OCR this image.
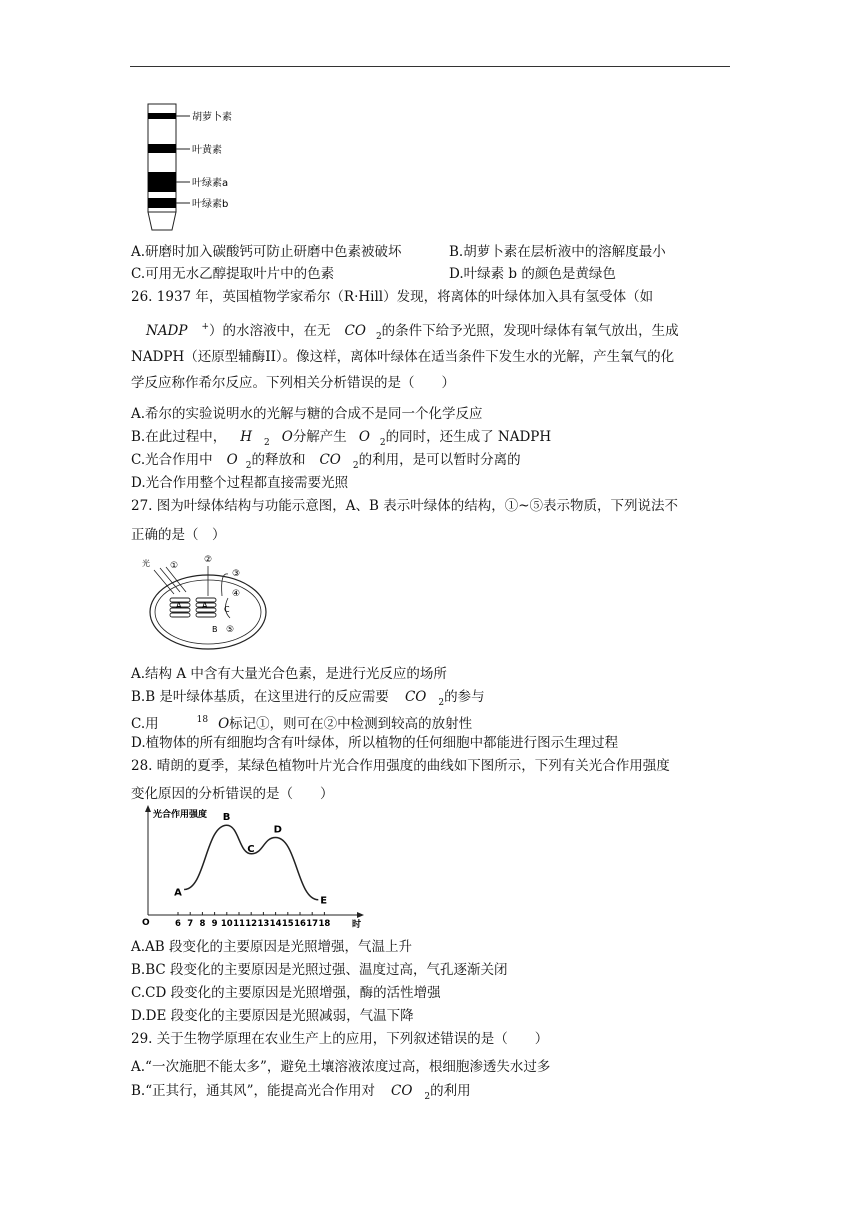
胡萝卜素
叶黄素
叶绿素a
叶绿素b
A.研磨时加入碳酸钙可防止研磨中色素被破坏	B.胡萝卜素在层析液中的溶解度最小
C.可用无水乙醇提取叶片中的色素	D.叶绿素 b 的颜色是黄绿色
26. 1937 年，英国植物学家希尔（R·Hill）发现，将离体的叶绿体加入具有氢受体（如
NADP +）的水溶液中，在无 CO $_2$的条件下给予光照，发现叶绿体有氧气放出，生成
NADPH（还原型辅酶II）。像这样，离体叶绿体在适当条件下发生水的光解，产生氧气的化
学反应称作希尔反应。下列相关分析错误的是（　　）
A.希尔的实验说明水的光解与糖的合成不是同一个化学反应
B.在此过程中， H $_2$ O分解产生 O $_2$的同时，还生成了 NADPH
C.光合作用中 O $_2$的释放和 CO $_2$的利用，是可以暂时分离的
D.光合作用整个过程都直接需要光照
27. 图为叶绿体结构与功能示意图，A、B 表示叶绿体的结构，①~⑤表示物质，下列说法不
正确的是（　）
A	A
光 ①
②
③
④
C
B ⑤
A.结构 A 中含有大量光合色素，是进行光反应的场所
B.B 是叶绿体基质，在这里进行的反应需要 CO $_2$的参与
C.用	$^{18}$ O标记①，则可在②中检测到较高的放射性
D.植物体的所有细胞均含有叶绿体，所以植物的任何细胞中都能进行图示生理过程
28. 晴朗的夏季，某绿色植物叶片光合作用强度的曲线如下图所示，下列有关光合作用强度
变化原因的分析错误的是（　　）
光合作用强度
时
O	6 7 8 9 10 11 12 13 14 15 16 17 18
A
B
C
D
E
A.AB 段变化的主要原因是光照增强，气温上升
B.BC 段变化的主要原因是光照过强、温度过高，气孔逐渐关闭
C.CD 段变化的主要原因是光照增强，酶的活性增强
D.DE 段变化的主要原因是光照减弱，气温下降
29. 关于生物学原理在农业生产上的应用，下列叙述错误的是（　　）
A.“一次施肥不能太多”，避免土壤溶液浓度过高，根细胞渗透失水过多
B.“正其行，通其风”，能提高光合作用对 CO $_2$的利用
